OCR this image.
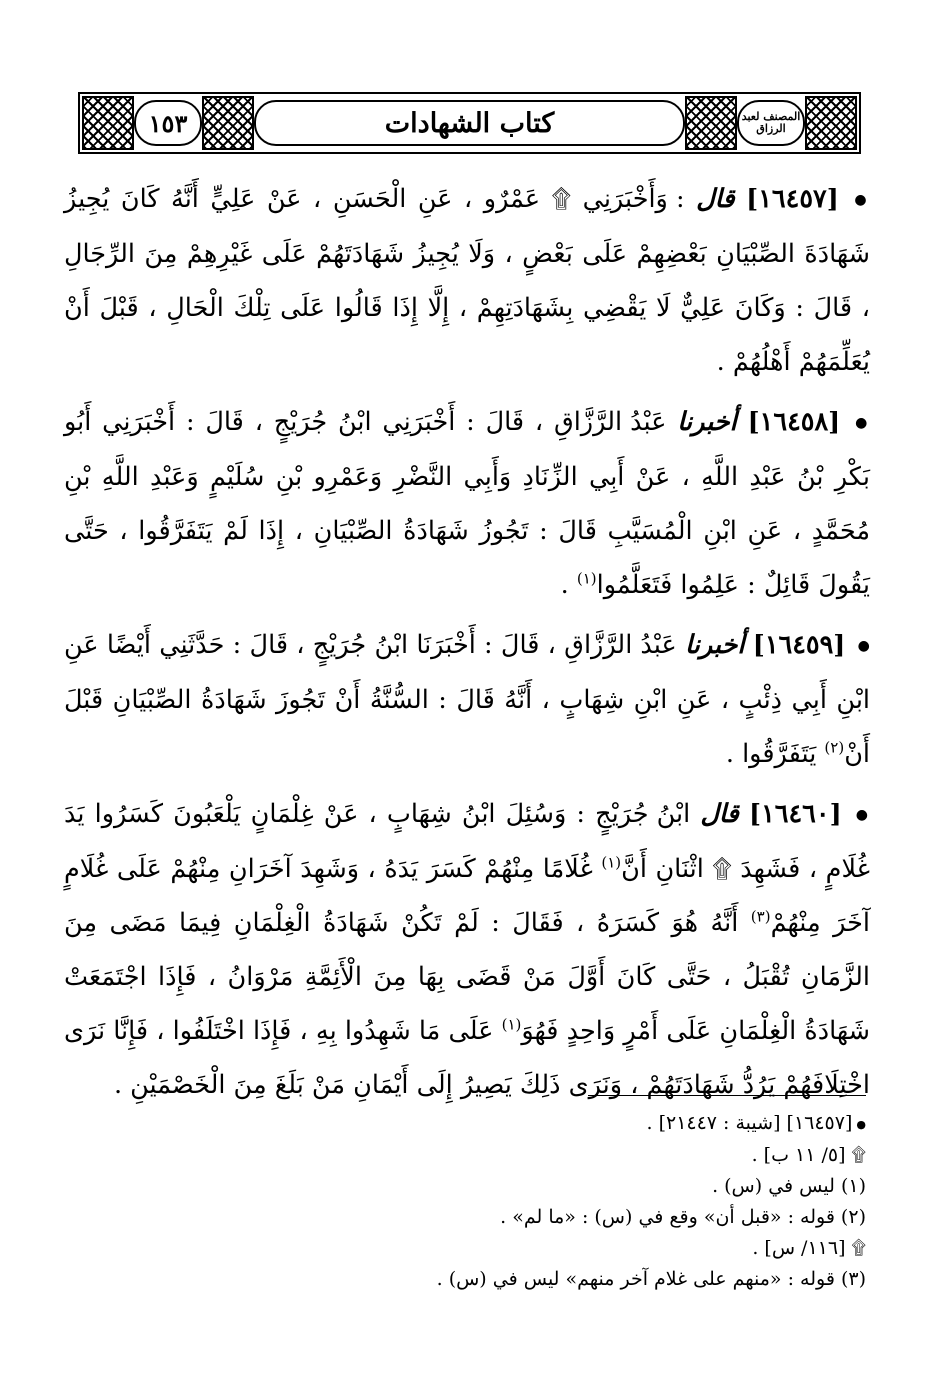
١٥٣	كتاب الشهادات	المصنف لعبد الرزاق

● [١٦٤٥٧] قال : وَأَخْبَرَنِي ۩ عَمْرٌو ، عَنِ الْحَسَنِ ، عَنْ عَلِيٍّ أَنَّهُ كَانَ يُجِيزُ شَهَادَةَ الصِّبْيَانِ بَعْضِهِمْ عَلَى بَعْضٍ ، وَلَا يُجِيزُ شَهَادَتَهُمْ عَلَى غَيْرِهِمْ مِنَ الرِّجَالِ ، قَالَ : وَكَانَ عَلِيٌّ لَا يَقْضِي بِشَهَادَتِهِمْ ، إِلَّا إِذَا قَالُوا عَلَى تِلْكَ الْحَالِ ، قَبْلَ أَنْ يُعَلِّمَهُمْ أَهْلُهُمْ .

● [١٦٤٥٨] أخبرنا عَبْدُ الرَّزَّاقِ ، قَالَ : أَخْبَرَنِي ابْنُ جُرَيْجٍ ، قَالَ : أَخْبَرَنِي أَبُو بَكْرِ بْنُ عَبْدِ اللَّهِ ، عَنْ أَبِي الزِّنَادِ وَأَبِي النَّضْرِ وَعَمْرِو بْنِ سُلَيْمٍ وَعَبْدِ اللَّهِ بْنِ مُحَمَّدٍ ، عَنِ ابْنِ الْمُسَيَّبِ قَالَ : تَجُوزُ شَهَادَةُ الصِّبْيَانِ ، إِذَا لَمْ يَتَفَرَّقُوا ، حَتَّى يَقُولَ قَائِلٌ : عَلِمُوا فَتَعَلَّمُوا$^{(١)}$ .

● [١٦٤٥٩] أخبرنا عَبْدُ الرَّزَّاقِ ، قَالَ : أَخْبَرَنَا ابْنُ جُرَيْجٍ ، قَالَ : حَدَّثَنِي أَيْضًا عَنِ ابْنِ أَبِي ذِئْبٍ ، عَنِ ابْنِ شِهَابٍ ، أَنَّهُ قَالَ : السُّنَّةُ أَنْ تَجُوزَ شَهَادَةُ الصِّبْيَانِ قَبْلَ أَنْ$^{(٢)}$ يَتَفَرَّقُوا .

● [١٦٤٦٠] قال ابْنُ جُرَيْجٍ : وَسُئِلَ ابْنُ شِهَابٍ ، عَنْ غِلْمَانٍ يَلْعَبُونَ كَسَرُوا يَدَ غُلَامٍ ، فَشَهِدَ ۩ اثْنَانِ أَنَّ$^{(١)}$ غُلَامًا مِنْهُمْ كَسَرَ يَدَهُ ، وَشَهِدَ آخَرَانِ مِنْهُمْ عَلَى غُلَامٍ آخَرَ مِنْهُمْ$^{(٣)}$ أَنَّهُ هُوَ كَسَرَهُ ، فَقَالَ : لَمْ تَكُنْ شَهَادَةُ الْغِلْمَانِ فِيمَا مَضَى مِنَ الزَّمَانِ تُقْبَلُ ، حَتَّى كَانَ أَوَّلَ مَنْ قَضَى بِهَا مِنَ الْأَئِمَّةِ مَرْوَانُ ، فَإِذَا اجْتَمَعَتْ شَهَادَةُ الْغِلْمَانِ عَلَى أَمْرٍ وَاحِدٍ فَهُوَ$^{(١)}$ عَلَى مَا شَهِدُوا بِهِ ، فَإِذَا اخْتَلَفُوا ، فَإِنَّا نَرَى اخْتِلَافَهُمْ يَرُدُّ شَهَادَتَهُمْ ، وَنَرَى ذَلِكَ يَصِيرُ إِلَى أَيْمَانِ مَنْ بَلَغَ مِنَ الْخَصْمَيْنِ .

●[١٦٤٥٧] [شيبة : ٢١٤٤٧] .

۩ [٥/ ١١ ب] .

(١) ليس في (س) .

(٢) قوله : «قبل أن» وقع في (س) : «ما لم» .

۩ [١١٦/ س] .

(٣) قوله : «منهم على غلام آخر منهم» ليس في (س) .
